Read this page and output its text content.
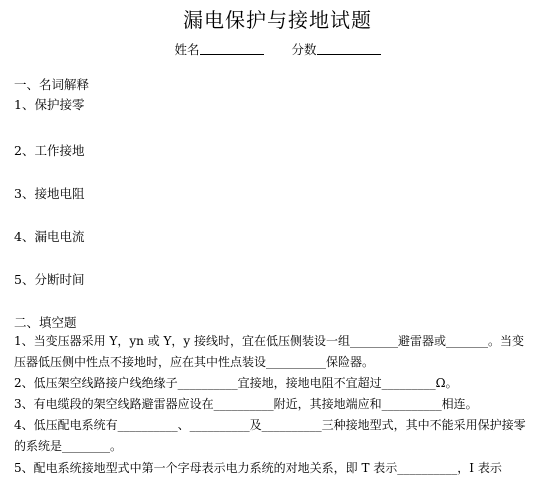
漏电保护与接地试题
姓名	分数
一、名词解释
1、保护接零
2、工作接地
3、接地电阻
4、漏电电流
5、分断时间
二、填空题
1、当变压器采用 Y，yn 或 Y，y 接线时，宜在低压侧装设一组________避雷器或_______。当变
压器低压侧中性点不接地时，应在其中性点装设__________保险器。
2、低压架空线路接户线绝缘子__________宜接地，接地电阻不宜超过_________Ω。
3、有电缆段的架空线路避雷器应设在__________附近，其接地端应和__________相连。
4、低压配电系统有__________、__________及__________三种接地型式，其中不能采用保护接零
的系统是________。
5、配电系统接地型式中第一个字母表示电力系统的对地关系，即 T 表示__________，I 表示
